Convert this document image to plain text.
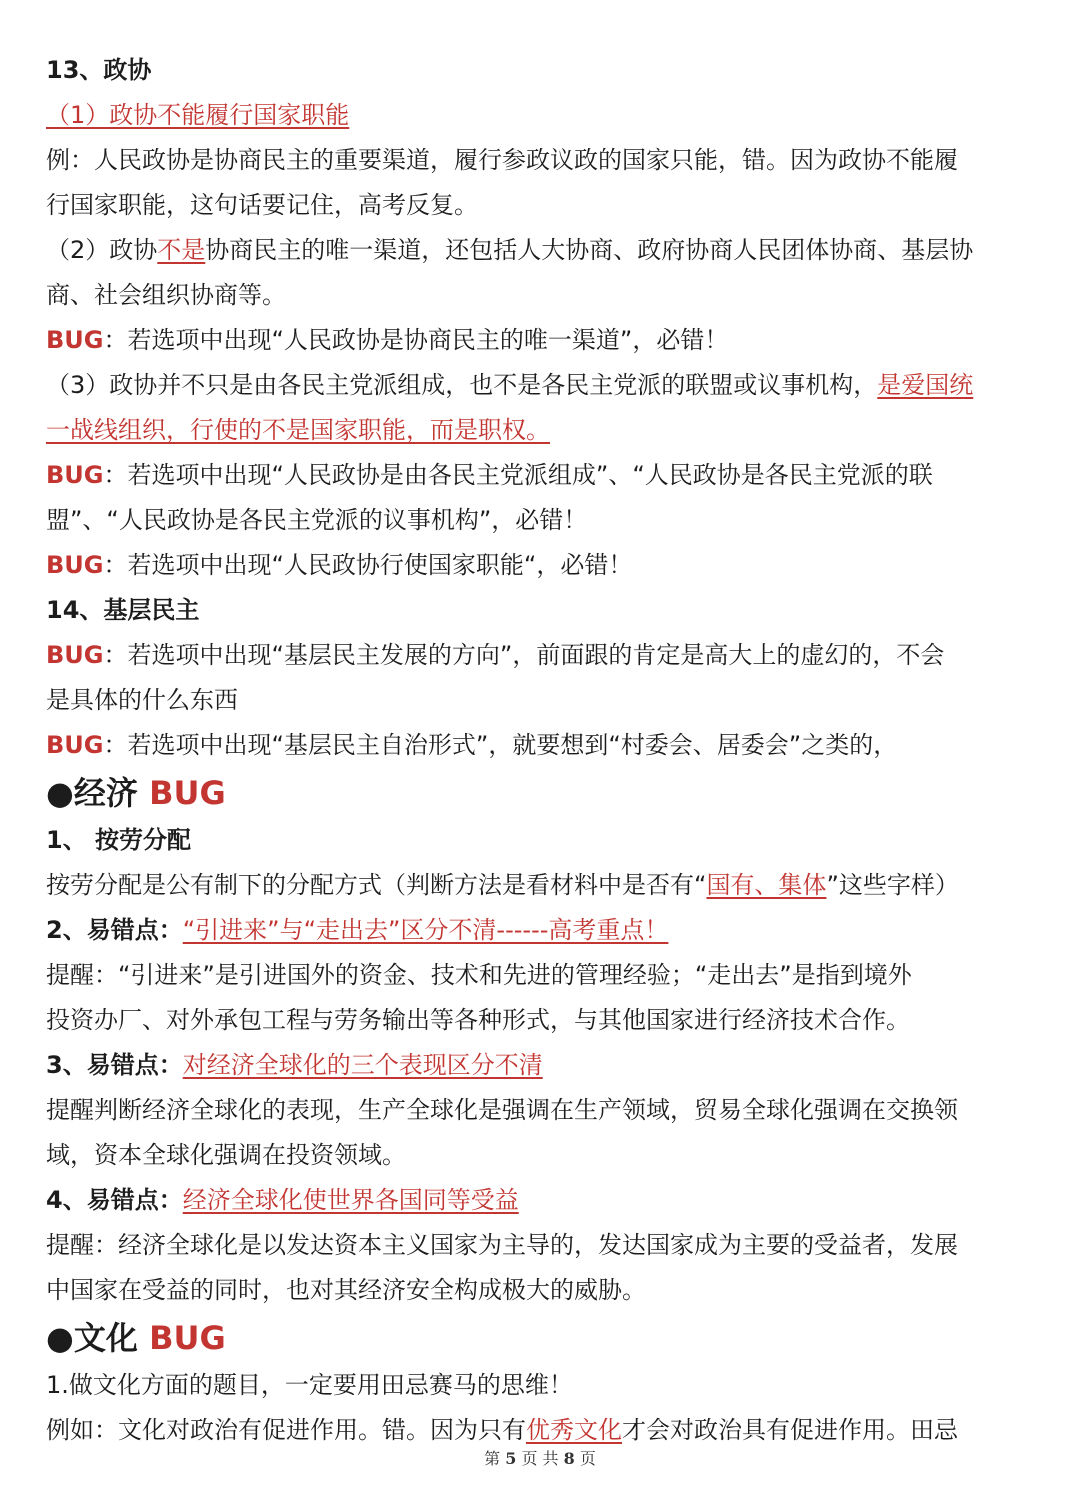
13、政协
（1）政协不能履行国家职能
例：人民政协是协商民主的重要渠道，履行参政议政的国家只能，错。因为政协不能履
行国家职能，这句话要记住，高考反复。
（2）政协不是协商民主的唯一渠道，还包括人大协商、政府协商人民团体协商、基层协
商、社会组织协商等。
BUG：若选项中出现“人民政协是协商民主的唯一渠道”，必错！
（3）政协并不只是由各民主党派组成，也不是各民主党派的联盟或议事机构，是爱国统
一战线组织，行使的不是国家职能，而是职权。
BUG：若选项中出现“人民政协是由各民主党派组成”、“人民政协是各民主党派的联
盟”、“人民政协是各民主党派的议事机构”，必错！
BUG：若选项中出现“人民政协行使国家职能“，必错！
14、基层民主
BUG：若选项中出现“基层民主发展的方向”，前面跟的肯定是高大上的虚幻的，不会
是具体的什么东西
BUG：若选项中出现“基层民主自治形式”，就要想到“村委会、居委会”之类的，
●经济 BUG
1、 按劳分配
按劳分配是公有制下的分配方式（判断方法是看材料中是否有“国有、集体”这些字样）
2、易错点：“引进来”与“走出去”区分不清------高考重点！
提醒：“引进来”是引进国外的资金、技术和先进的管理经验；“走出去”是指到境外
投资办厂、对外承包工程与劳务输出等各种形式，与其他国家进行经济技术合作。
3、易错点：对经济全球化的三个表现区分不清
提醒判断经济全球化的表现，生产全球化是强调在生产领域，贸易全球化强调在交换领
域，资本全球化强调在投资领域。
4、易错点：经济全球化使世界各国同等受益
提醒：经济全球化是以发达资本主义国家为主导的，发达国家成为主要的受益者，发展
中国家在受益的同时，也对其经济安全构成极大的威胁。
●文化 BUG
1.做文化方面的题目，一定要用田忌赛马的思维！
例如：文化对政治有促进作用。错。因为只有优秀文化才会对政治具有促进作用。田忌
第 5 页 共 8 页
